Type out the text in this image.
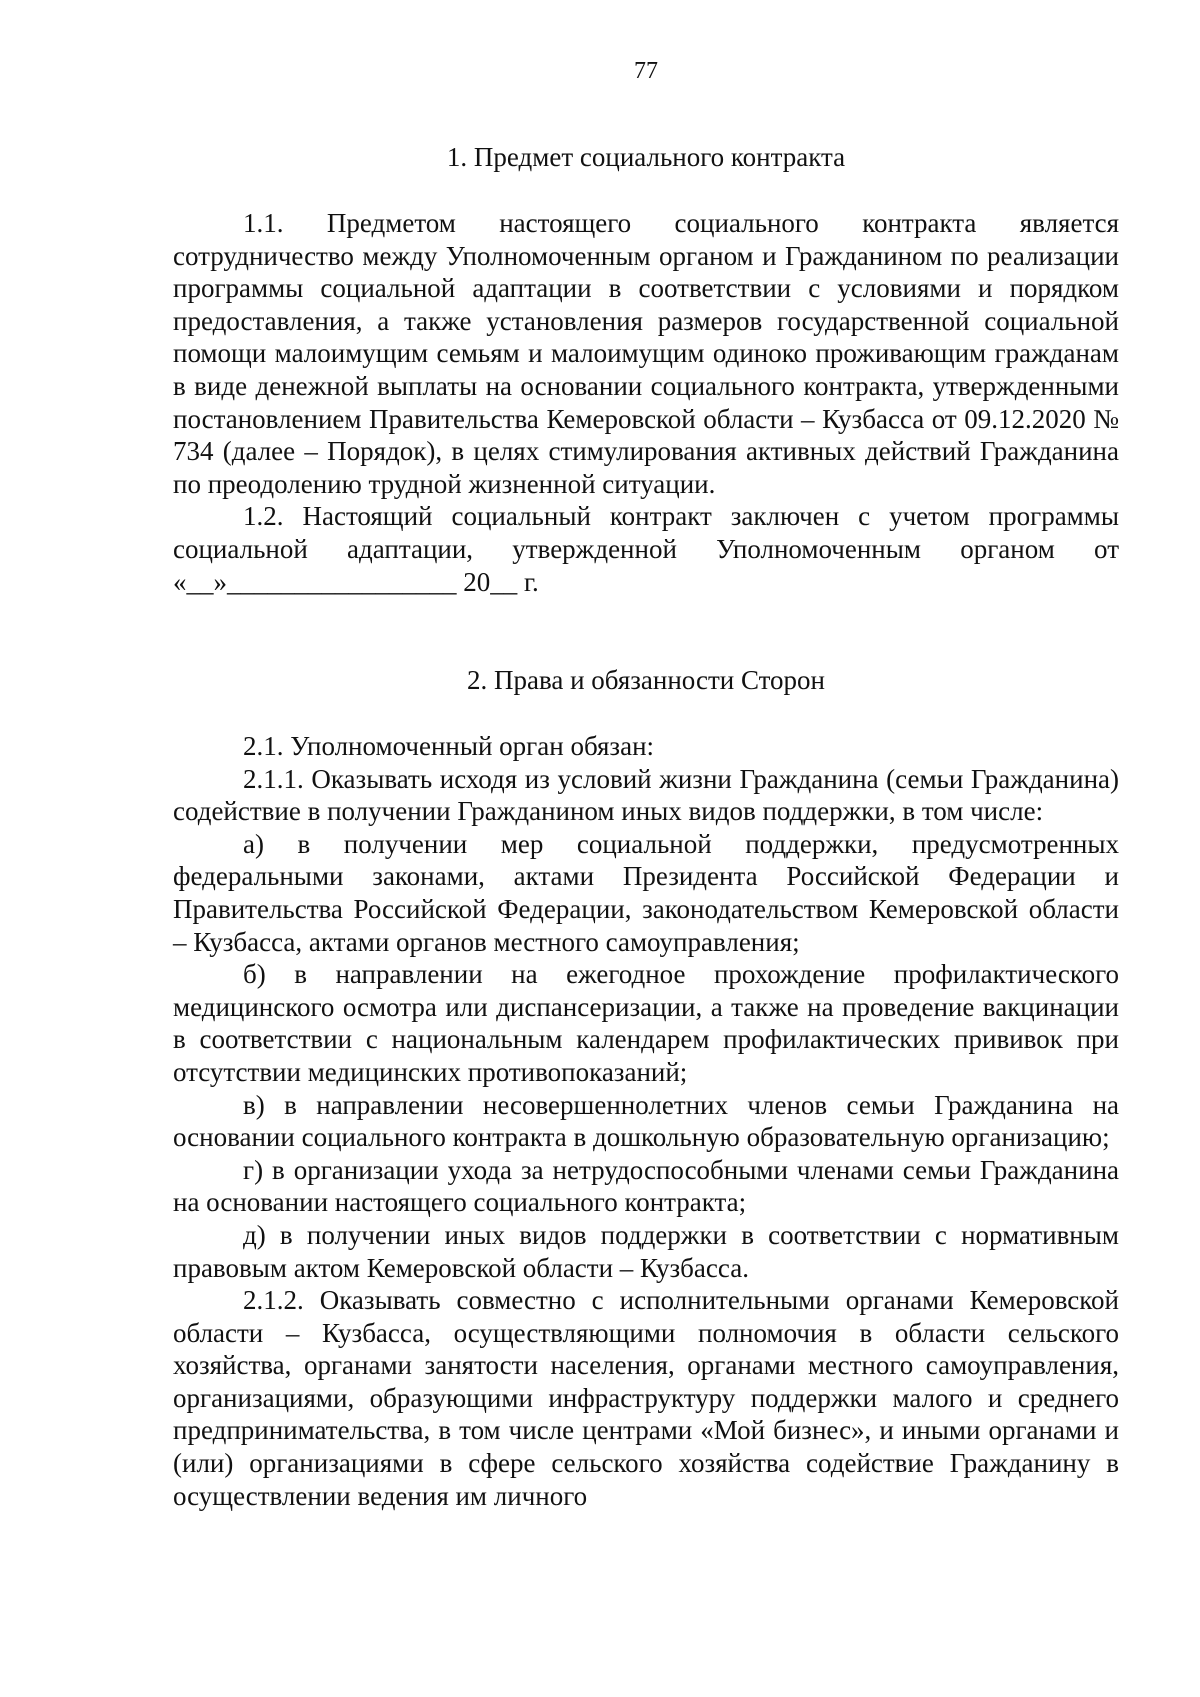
77
1. Предмет социального контракта

1.1. Предметом настоящего социального контракта является сотрудничество между Уполномоченным органом и Гражданином по реализации программы социальной адаптации в соответствии с условиями и порядком предоставления, а также установления размеров государственной социальной помощи малоимущим семьям и малоимущим одиноко проживающим гражданам в виде денежной выплаты на основании социального контракта, утвержденными постановлением Правительства Кемеровской области – Кузбасса от 09.12.2020 № 734 (далее – Порядок), в целях стимулирования активных действий Гражданина по преодолению трудной жизненной ситуации.

1.2. Настоящий социальный контракт заключен с учетом программы социальной адаптации, утвержденной Уполномоченным органом от «__»_________________ 20__ г.

2. Права и обязанности Сторон

2.1. Уполномоченный орган обязан:

2.1.1. Оказывать исходя из условий жизни Гражданина (семьи Гражданина) содействие в получении Гражданином иных видов поддержки, в том числе:

а) в получении мер социальной поддержки, предусмотренных федеральными законами, актами Президента Российской Федерации и Правительства Российской Федерации, законодательством Кемеровской области – Кузбасса, актами органов местного самоуправления;

б) в направлении на ежегодное прохождение профилактического медицинского осмотра или диспансеризации, а также на проведение вакцинации в соответствии с национальным календарем профилактических прививок при отсутствии медицинских противопоказаний;

в) в направлении несовершеннолетних членов семьи Гражданина на основании социального контракта в дошкольную образовательную организацию;

г) в организации ухода за нетрудоспособными членами семьи Гражданина на основании настоящего социального контракта;

д) в получении иных видов поддержки в соответствии с нормативным правовым актом Кемеровской области – Кузбасса.

2.1.2. Оказывать совместно с исполнительными органами Кемеровской области – Кузбасса, осуществляющими полномочия в области сельского хозяйства, органами занятости населения, органами местного самоуправления, организациями, образующими инфраструктуру поддержки малого и среднего предпринимательства, в том числе центрами «Мой бизнес», и иными органами и (или) организациями в сфере сельского хозяйства содействие Гражданину в осуществлении ведения им личного
